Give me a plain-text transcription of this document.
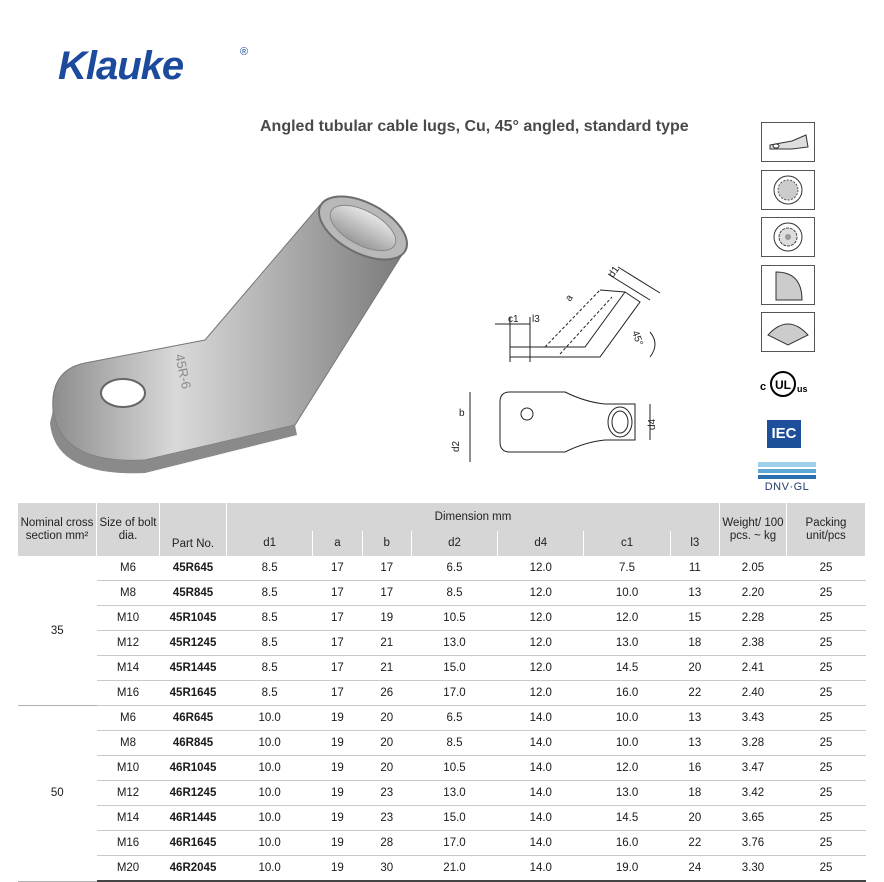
Klauke	®
Angled tubular cable lugs, Cu, 45° angled, standard type
45R-6
c1 l3
a
d1
45°
b
d2
d4
UL
c	us
IEC
DNV·GL
Nominal cross section mm²	Size of bolt dia.	Part No.	Dimension mm							Weight/ 100 pcs. ~ kg	Packing unit/pcs
			d1	a	b	d2	d4	c1	l3		
35	M6	45R645	8.5	17	17	6.5	12.0	7.5	11	2.05	25
	M8	45R845	8.5	17	17	8.5	12.0	10.0	13	2.20	25
	M10	45R1045	8.5	17	19	10.5	12.0	12.0	15	2.28	25
	M12	45R1245	8.5	17	21	13.0	12.0	13.0	18	2.38	25
	M14	45R1445	8.5	17	21	15.0	12.0	14.5	20	2.41	25
	M16	45R1645	8.5	17	26	17.0	12.0	16.0	22	2.40	25
50	M6	46R645	10.0	19	20	6.5	14.0	10.0	13	3.43	25
	M8	46R845	10.0	19	20	8.5	14.0	10.0	13	3.28	25
	M10	46R1045	10.0	19	20	10.5	14.0	12.0	16	3.47	25
	M12	46R1245	10.0	19	23	13.0	14.0	13.0	18	3.42	25
	M14	46R1445	10.0	19	23	15.0	14.0	14.5	20	3.65	25
	M16	46R1645	10.0	19	28	17.0	14.0	16.0	22	3.76	25
	M20	46R2045	10.0	19	30	21.0	14.0	19.0	24	3.30	25
